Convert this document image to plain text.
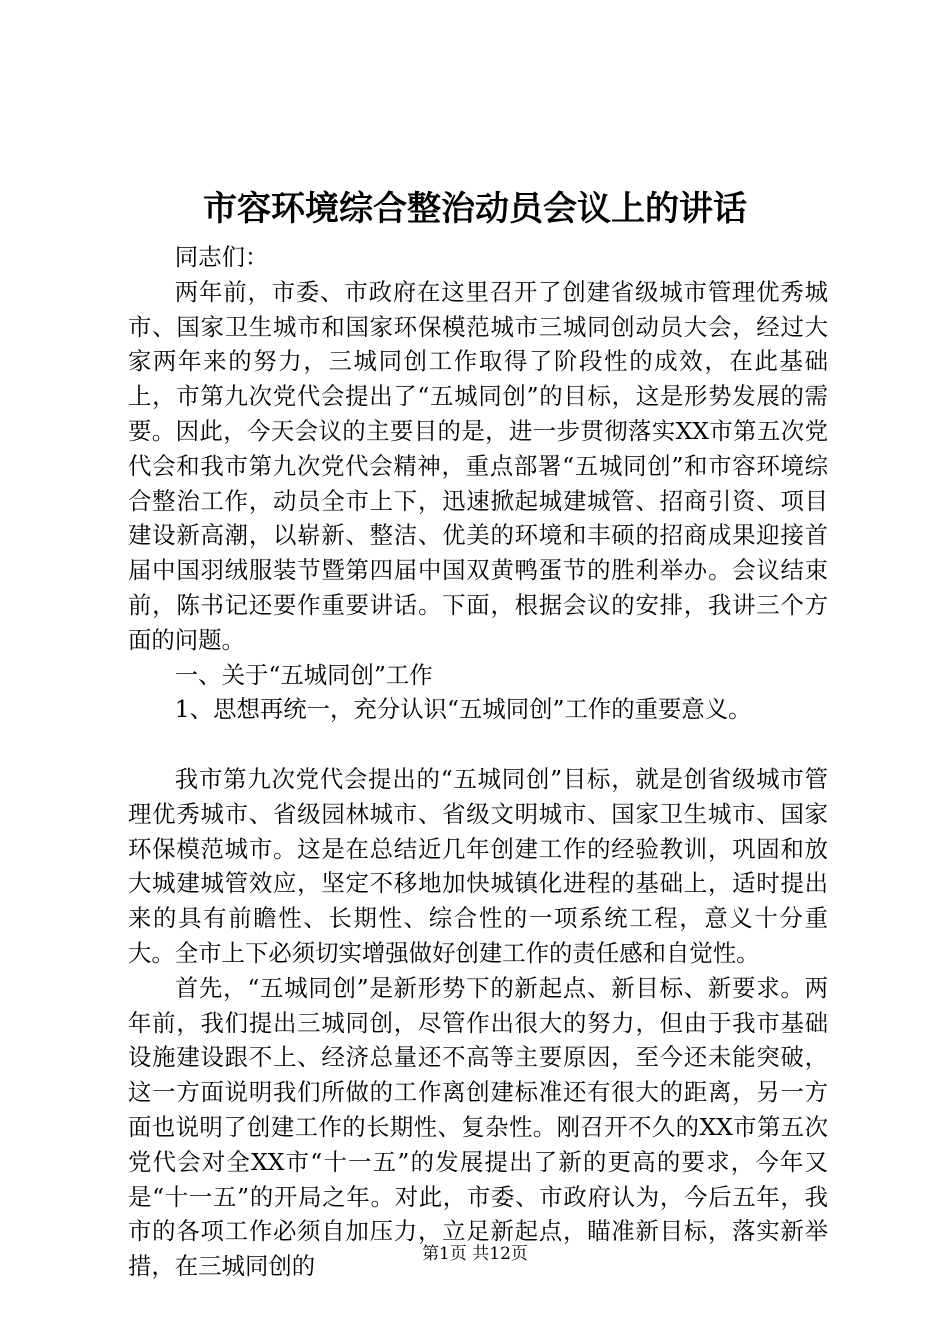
市容环境综合整治动员会议上的讲话

同志们：

两年前，市委、市政府在这里召开了创建省级城市管理优秀城市、国家卫生城市和国家环保模范城市三城同创动员大会，经过大家两年来的努力，三城同创工作取得了阶段性的成效，在此基础上，市第九次党代会提出了“五城同创”的目标，这是形势发展的需要。因此，今天会议的主要目的是，进一步贯彻落实XX市第五次党代会和我市第九次党代会精神，重点部署“五城同创”和市容环境综合整治工作，动员全市上下，迅速掀起城建城管、招商引资、项目建设新高潮，以崭新、整洁、优美的环境和丰硕的招商成果迎接首届中国羽绒服装节暨第四届中国双黄鸭蛋节的胜利举办。会议结束前，陈书记还要作重要讲话。下面，根据会议的安排，我讲三个方面的问题。

一、关于“五城同创”工作

1、思想再统一，充分认识“五城同创”工作的重要意义。

我市第九次党代会提出的“五城同创”目标，就是创省级城市管理优秀城市、省级园林城市、省级文明城市、国家卫生城市、国家环保模范城市。这是在总结近几年创建工作的经验教训，巩固和放大城建城管效应，坚定不移地加快城镇化进程的基础上，适时提出来的具有前瞻性、长期性、综合性的一项系统工程，意义十分重大。全市上下必须切实增强做好创建工作的责任感和自觉性。

首先，“五城同创”是新形势下的新起点、新目标、新要求。两年前，我们提出三城同创，尽管作出很大的努力，但由于我市基础设施建设跟不上、经济总量还不高等主要原因，至今还未能突破，这一方面说明我们所做的工作离创建标准还有很大的距离，另一方面也说明了创建工作的长期性、复杂性。刚召开不久的XX市第五次党代会对全XX市“十一五”的发展提出了新的更高的要求，今年又是“十一五”的开局之年。对此，市委、市政府认为，今后五年，我市的各项工作必须自加压力，立足新起点，瞄准新目标，落实新举措，在三城同创的	第1页 共12页
